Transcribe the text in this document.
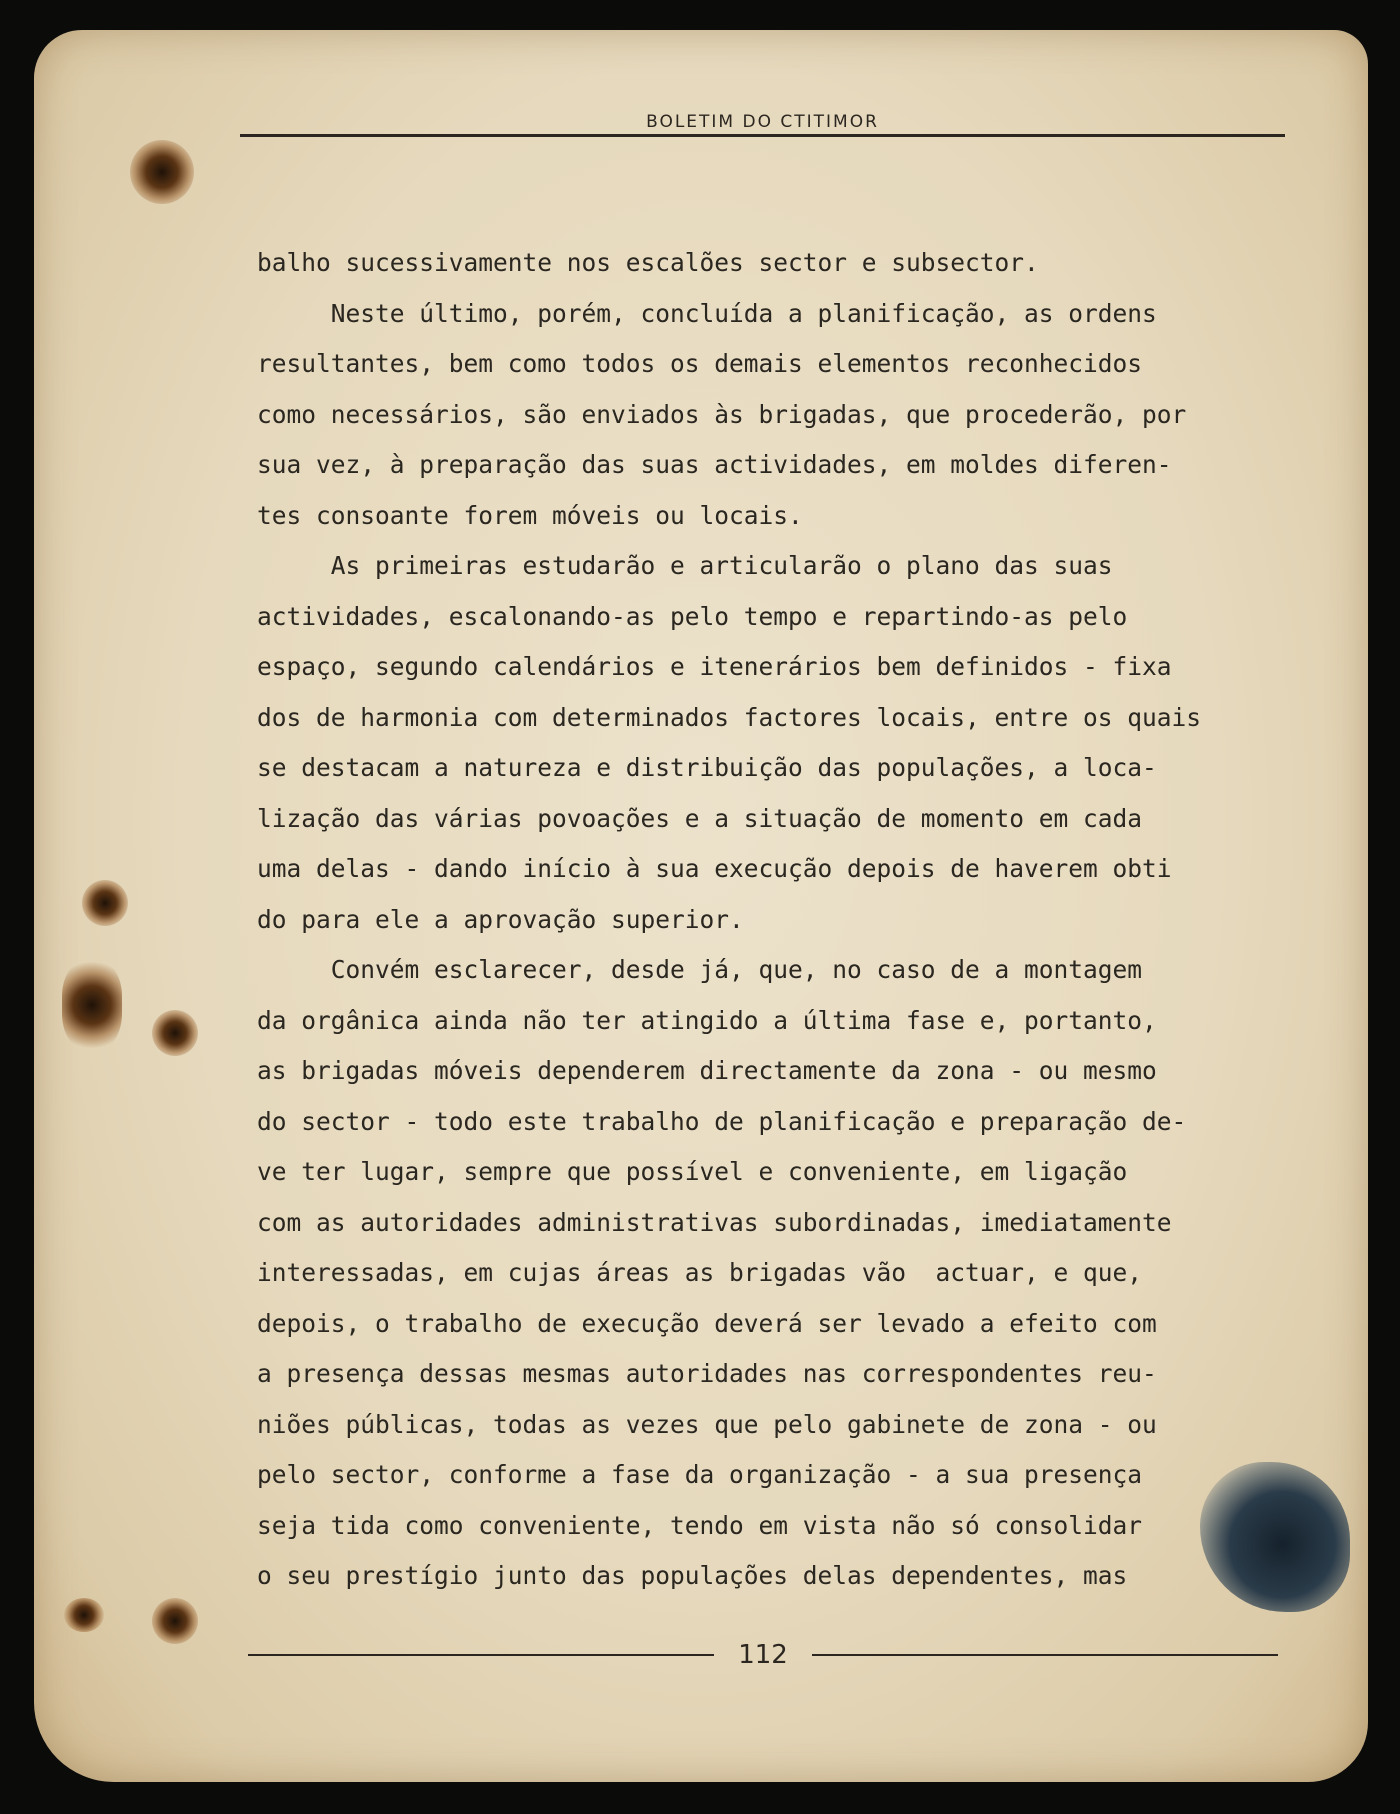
BOLETIM DO CTITIMOR
balho sucessivamente nos escalões sector e subsector.
Neste último, porém, concluída a planificação, as ordens
resultantes, bem como todos os demais elementos reconhecidos
como necessários, são enviados às brigadas, que procederão, por
sua vez, à preparação das suas actividades, em moldes diferen-
tes consoante forem móveis ou locais.
As primeiras estudarão e articularão o plano das suas
actividades, escalonando-as pelo tempo e repartindo-as pelo
espaço, segundo calendários e itenerários bem definidos - fixa
dos de harmonia com determinados factores locais, entre os quais
se destacam a natureza e distribuição das populações, a loca-
lização das várias povoações e a situação de momento em cada
uma delas - dando início à sua execução depois de haverem obti
do para ele a aprovação superior.
Convém esclarecer, desde já, que, no caso de a montagem
da orgânica ainda não ter atingido a última fase e, portanto,
as brigadas móveis dependerem directamente da zona - ou mesmo
do sector - todo este trabalho de planificação e preparação de-
ve ter lugar, sempre que possível e conveniente, em ligação
com as autoridades administrativas subordinadas, imediatamente
interessadas, em cujas áreas as brigadas vão  actuar, e que,
depois, o trabalho de execução deverá ser levado a efeito com
a presença dessas mesmas autoridades nas correspondentes reu-
niões públicas, todas as vezes que pelo gabinete de zona - ou
pelo sector, conforme a fase da organização - a sua presença
seja tida como conveniente, tendo em vista não só consolidar
o seu prestígio junto das populações delas dependentes, mas
112
